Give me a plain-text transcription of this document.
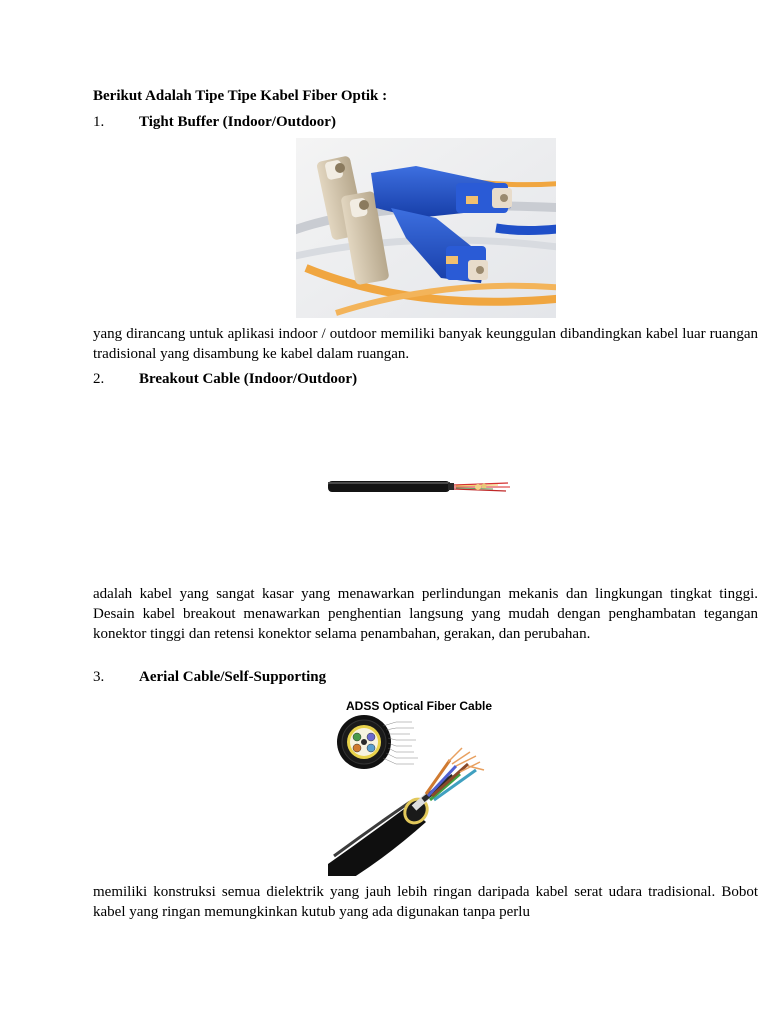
Berikut Adalah Tipe Tipe Kabel Fiber Optik :
1. Tight Buffer (Indoor/Outdoor)
yang dirancang untuk aplikasi indoor / outdoor memiliki banyak keunggulan dibandingkan kabel luar ruangan tradisional yang disambung ke kabel dalam ruangan.
2. Breakout Cable (Indoor/Outdoor)
adalah kabel yang sangat kasar yang menawarkan perlindungan mekanis dan lingkungan tingkat tinggi. Desain kabel breakout menawarkan penghentian langsung yang mudah dengan penghambatan tegangan konektor tinggi dan retensi konektor selama penambahan, gerakan, dan perubahan.
3. Aerial Cable/Self-Supporting
ADSS Optical Fiber Cable
memiliki konstruksi semua dielektrik yang jauh lebih ringan daripada kabel serat udara tradisional. Bobot kabel yang ringan memungkinkan kutub yang ada digunakan tanpa perlu
